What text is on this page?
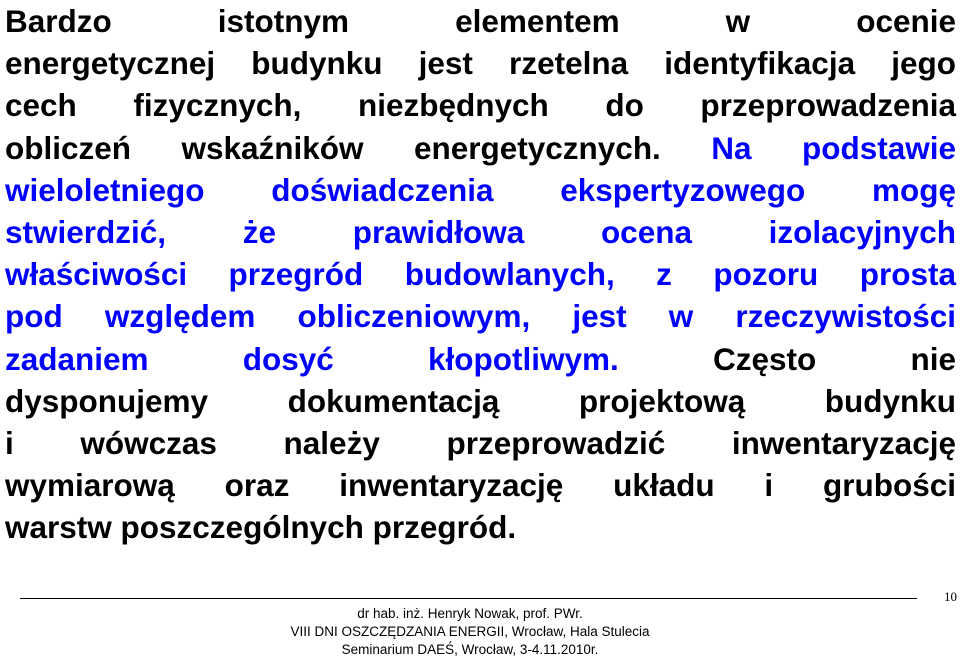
Bardzo istotnym elementem w ocenie
energetycznej budynku jest rzetelna identyfikacja jego
cech fizycznych, niezbędnych do przeprowadzenia
obliczeń wskaźników energetycznych. Na podstawie
wieloletniego doświadczenia ekspertyzowego mogę
stwierdzić, że prawidłowa ocena izolacyjnych
właściwości przegród budowlanych, z pozoru prosta
pod względem obliczeniowym, jest w rzeczywistości
zadaniem dosyć kłopotliwym. Często nie
dysponujemy dokumentacją projektową budynku
i wówczas należy przeprowadzić inwentaryzację
wymiarową oraz inwentaryzację układu i grubości
warstw poszczególnych przegród.
10
dr hab. inż. Henryk Nowak, prof. PWr.
VIII DNI OSZCZĘDZANIA ENERGII, Wrocław, Hala Stulecia
Seminarium DAEŚ, Wrocław, 3-4.11.2010r.
